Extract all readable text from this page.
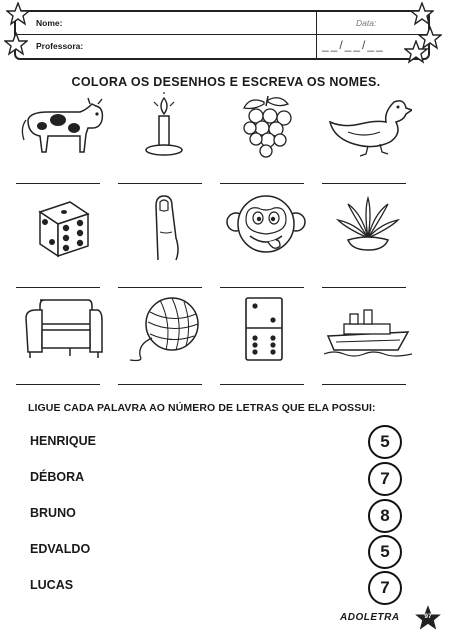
Nome:
Professora:
Data:
__/__/__
COLORA OS DESENHOS E ESCREVA OS NOMES.
LIGUE CADA PALAVRA AO NÚMERO DE LETRAS QUE ELA POSSUI:
HENRIQUE
DÉBORA
BRUNO
EDVALDO
LUCAS
5
7
8
5
7
ADOLETRA	97
